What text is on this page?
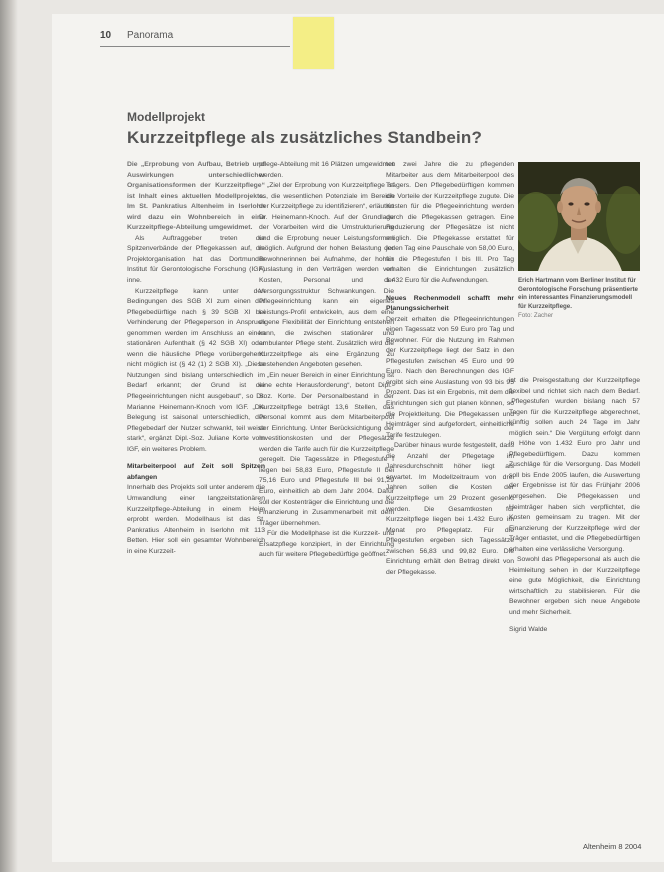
10 Panorama
Modellprojekt
Kurzzeitpflege als zusätzliches Standbein?

Die „Erprobung von Aufbau, Betrieb und Auswirkungen unterschiedlicher Organisationsformen der Kurzzeitpflege“ ist Inhalt eines aktuellen Modellprojekts. Im St. Pankratius Altenheim in Iserlohn wird dazu ein Wohnbereich in eine Kurzzeitpflege-Abteilung umgewidmet.

Als Auftraggeber treten die Spitzenverbände der Pflegekassen auf, die Projektorganisation hat das Dortmunder Institut für Gerontologische Forschung (IGF) inne.

Kurzzeitpflege kann unter den Bedingungen des SGB XI zum einen der Pflegebedürftige nach § 39 SGB XI bei Verhinderung der Pflegeperson in Anspruch genommen werden im Anschluss an einen stationären Aufenthalt (§ 42 SGB XI) oder wenn die häusliche Pflege vorübergehend nicht möglich ist (§ 42 (1) 2 SGB XI). „Diese Nutzungen sind bislang unterschiedlich im Bedarf erkannt; der Grund ist die Pflegeeinrichtungen nicht ausgebaut“, so Dr. Marianne Heinemann-Knoch vom IGF. „Die Belegung ist saisonal unterschiedlich, der Pflegebedarf der Nutzer schwankt, teil weise stark“, ergänzt Dipl.-Soz. Juliane Korte vom IGF, ein weiteres Problem.

Mitarbeiterpool auf Zeit soll Spitzen abfangen

Innerhalb des Projekts soll unter anderem die Umwandlung einer langzeitstationären Kurzzeitpflege-Abteilung in einem Heim erprobt werden. Modellhaus ist das St. Pankratius Altenheim in Iserlohn mit 113 Betten. Hier soll ein gesamter Wohnbereich in eine Kurzzeit-

pflege-Abteilung mit 16 Plätzen umgewidmet werden.

„Ziel der Erprobung von Kurzzeitpflege ist es, die wesentlichen Potenziale im Bereich der Kurzzeitpflege zu identifizieren“, erläutert Dr. Heinemann-Knoch. Auf der Grundlage der Vorarbeiten wird die Umstrukturierung und die Erprobung neuer Leistungsformen möglich. Aufgrund der hohen Belastung der Bewohnerinnen bei Aufnahme, der hohen Auslastung in den Verträgen werden von Kosten, Personal und der Versorgungsstruktur Schwankungen. Die Pflegeeinrichtung kann ein eigenes Leistungs-Profil entwickeln, aus dem eine eigene Flexibilität der Einrichtung entstehen kann, die zwischen stationärer und ambulanter Pflege steht. Zusätzlich wird die Kurzzeitpflege als eine Ergänzung zu bestehenden Angeboten gesehen.

„Ein neuer Bereich in einer Einrichtung ist eine echte Herausforderung“, betont Dipl.-Soz. Korte. Der Personalbestand in der Kurzzeitpflege beträgt 13,6 Stellen, das Personal kommt aus dem Mitarbeiterpool der Einrichtung. Unter Berücksichtigung der Investitionskosten und der Pflegesätze werden die Tarife auch für die Kurzzeitpflege geregelt. Die Tagessätze in Pflegestufe I liegen bei 58,83 Euro, Pflegestufe II bei 75,16 Euro und Pflegestufe III bei 91,29 Euro, einheitlich ab dem Jahr 2004. Dafür soll der Kostenträger die Einrichtung und die Finanzierung in Zusammenarbeit mit dem Träger übernehmen.

Für die Modellphase ist die Kurzzeit- und Ersatzpflege konzipiert, in der Einrichtung auch für weitere Pflegebedürftige geöffnet.

ten zwei Jahre die zu pflegenden Mitarbeiter aus dem Mitarbeiterpool des Trägers. Den Pflegebedürftigen kommen die Vorteile der Kurzzeitpflege zugute. Die Kosten für die Pflegeeinrichtung werden durch die Pflegekassen getragen. Eine Reduzierung der Pflegesätze ist nicht möglich. Die Pflegekasse erstattet für jeden Tag eine Pauschale von 58,00 Euro, für die Pflegestufen I bis III. Pro Tag erhalten die Einrichtungen zusätzlich 1.432 Euro für die Aufwendungen.

Neues Rechenmodell schafft mehr Planungssicherheit

Derzeit erhalten die Pflegeeinrichtungen einen Tagessatz von 59 Euro pro Tag und Bewohner. Für die Nutzung im Rahmen der Kurzzeitpflege liegt der Satz in den Pflegestufen zwischen 45 Euro und 99 Euro. Nach den Berechnungen des IGF ergibt sich eine Auslastung von 93 bis 95 Prozent. Das ist ein Ergebnis, mit dem die Einrichtungen sich gut planen können, so die Projektleitung. Die Pflegekassen und Heimträger sind aufgefordert, einheitliche Tarife festzulegen.

Darüber hinaus wurde festgestellt, dass die Anzahl der Pflegetage im Jahresdurchschnitt höher liegt als erwartet. Im Modellzeitraum von drei Jahren sollen die Kosten der Kurzzeitpflege um 29 Prozent gesenkt werden. Die Gesamtkosten für Kurzzeitpflege liegen bei 1.432 Euro im Monat pro Pflegeplatz. Für die Pflegestufen ergeben sich Tagessätze zwischen 56,83 und 99,82 Euro. Die Einrichtung erhält den Betrag direkt von der Pflegekasse.

Erich Hartmann vom Berliner Institut für Gerontologische Forschung präsentierte ein interessantes Finanzierungsmodell für Kurzzeitpflege.
Foto: Zacher

ist die Preisgestaltung der Kurzzeitpflege flexibel und richtet sich nach dem Bedarf. „Pflegestufen wurden bislang nach 57 Tagen für die Kurzzeitpflege abgerechnet, künftig sollen auch 24 Tage im Jahr möglich sein.“ Die Vergütung erfolgt dann in Höhe von 1.432 Euro pro Jahr und Pflegebedürftigem. Dazu kommen Zuschläge für die Versorgung. Das Modell soll bis Ende 2005 laufen, die Auswertung der Ergebnisse ist für das Frühjahr 2006 vorgesehen. Die Pflegekassen und Heimträger haben sich verpflichtet, die Kosten gemeinsam zu tragen. Mit der Finanzierung der Kurzzeitpflege wird der Träger entlastet, und die Pflegebedürftigen erhalten eine verlässliche Versorgung.

Sowohl das Pflegepersonal als auch die Heimleitung sehen in der Kurzzeitpflege eine gute Möglichkeit, die Einrichtung wirtschaftlich zu stabilisieren. Für die Bewohner ergeben sich neue Angebote und mehr Sicherheit.

Sigrid Walde

Altenheim 8 2004
